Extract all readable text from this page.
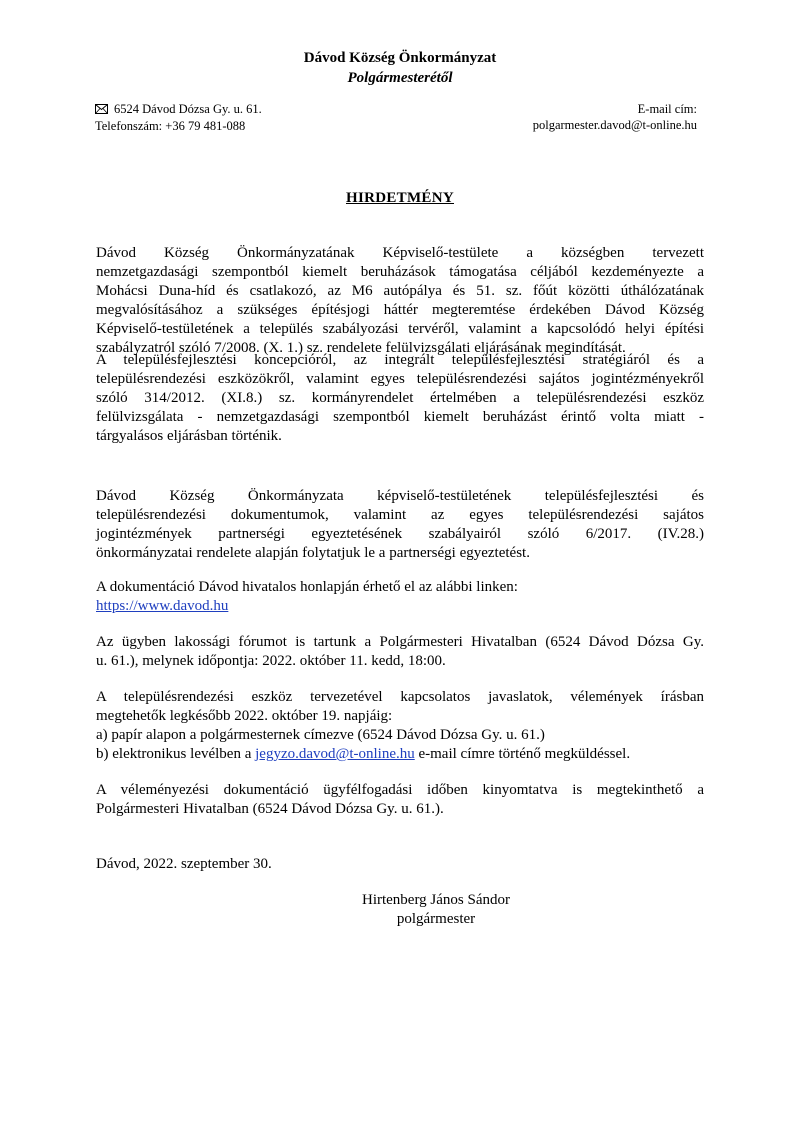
Dávod Község Önkormányzat
Polgármesterétől
6524 Dávod Dózsa Gy. u. 61.
Telefonszám: +36 79 481-088
E-mail cím:
polgarmester.davod@t-online.hu
HIRDETMÉNY
Dávod Község Önkormányzatának Képviselő-testülete a községben tervezett
nemzetgazdasági szempontból kiemelt beruházások támogatása céljából kezdeményezte a
Mohácsi Duna-híd és csatlakozó, az M6 autópálya és 51. sz. főút közötti úthálózatának
megvalósításához a szükséges építésjogi háttér megteremtése érdekében Dávod Község
Képviselő-testületének a település szabályozási tervéről, valamint a kapcsolódó helyi építési
szabályzatról szóló 7/2008. (X. 1.) sz. rendelete felülvizsgálati eljárásának megindítását.
A településfejlesztési koncepcióról, az integrált településfejlesztési stratégiáról és a
településrendezési eszközökről, valamint egyes településrendezési sajátos jogintézményekről
szóló 314/2012. (XI.8.) sz. kormányrendelet értelmében a településrendezési eszköz
felülvizsgálata - nemzetgazdasági szempontból kiemelt beruházást érintő volta miatt -
tárgyalásos eljárásban történik.
Dávod Község Önkormányzata képviselő-testületének településfejlesztési és
településrendezési dokumentumok, valamint az egyes településrendezési sajátos
jogintézmények partnerségi egyeztetésének szabályairól szóló 6/2017. (IV.28.)
önkormányzatai rendelete alapján folytatjuk le a partnerségi egyeztetést.
A dokumentáció Dávod hivatalos honlapján érhető el az alábbi linken:
https://www.davod.hu
Az ügyben lakossági fórumot is tartunk a Polgármesteri Hivatalban (6524 Dávod Dózsa Gy.
u. 61.), melynek időpontja: 2022. október 11. kedd, 18:00.
A településrendezési eszköz tervezetével kapcsolatos javaslatok, vélemények írásban
megtehetők legkésőbb 2022. október 19. napjáig:
a) papír alapon a polgármesternek címezve (6524 Dávod Dózsa Gy. u. 61.)
b) elektronikus levélben a jegyzo.davod@t-online.hu e-mail címre történő megküldéssel.
A véleményezési dokumentáció ügyfélfogadási időben kinyomtatva is megtekinthető a
Polgármesteri Hivatalban (6524 Dávod Dózsa Gy. u. 61.).
Dávod, 2022. szeptember 30.
Hirtenberg János Sándor
polgármester
